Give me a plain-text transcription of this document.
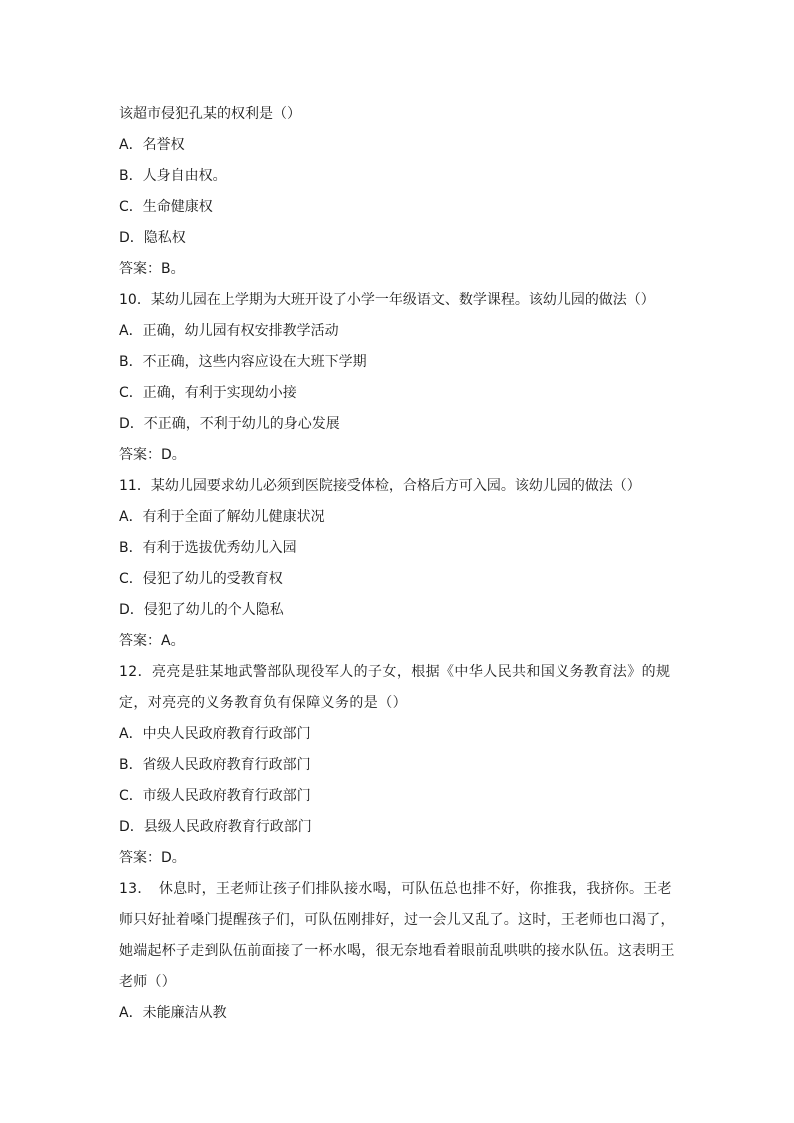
该超市侵犯孔某的权利是（）
A．名誉权
B．人身自由权。
C．生命健康权
D．隐私权
答案：B。
10．某幼儿园在上学期为大班开设了小学一年级语文、数学课程。该幼儿园的做法（）
A．正确，幼儿园有权安排教学活动
B．不正确，这些内容应设在大班下学期
C．正确，有利于实现幼小接
D．不正确，不利于幼儿的身心发展
答案：D。
11．某幼儿园要求幼儿必须到医院接受体检，合格后方可入园。该幼儿园的做法（）
A．有利于全面了解幼儿健康状况
B．有利于选拔优秀幼儿入园
C．侵犯了幼儿的受教育权
D．侵犯了幼儿的个人隐私
答案：A。
12．亮亮是驻某地武警部队现役军人的子女，根据《中华人民共和国义务教育法》的规定，对亮亮的义务教育负有保障义务的是（）
A．中央人民政府教育行政部门
B．省级人民政府教育行政部门
C．市级人民政府教育行政部门
D．县级人民政府教育行政部门
答案：D。
13．　休息时，王老师让孩子们排队接水喝，可队伍总也排不好，你推我，我挤你。王老师只好扯着嗓门提醒孩子们，可队伍刚排好，过一会儿又乱了。这时，王老师也口渴了，她端起杯子走到队伍前面接了一杯水喝，很无奈地看着眼前乱哄哄的接水队伍。这表明王老师（）
A．未能廉洁从教
